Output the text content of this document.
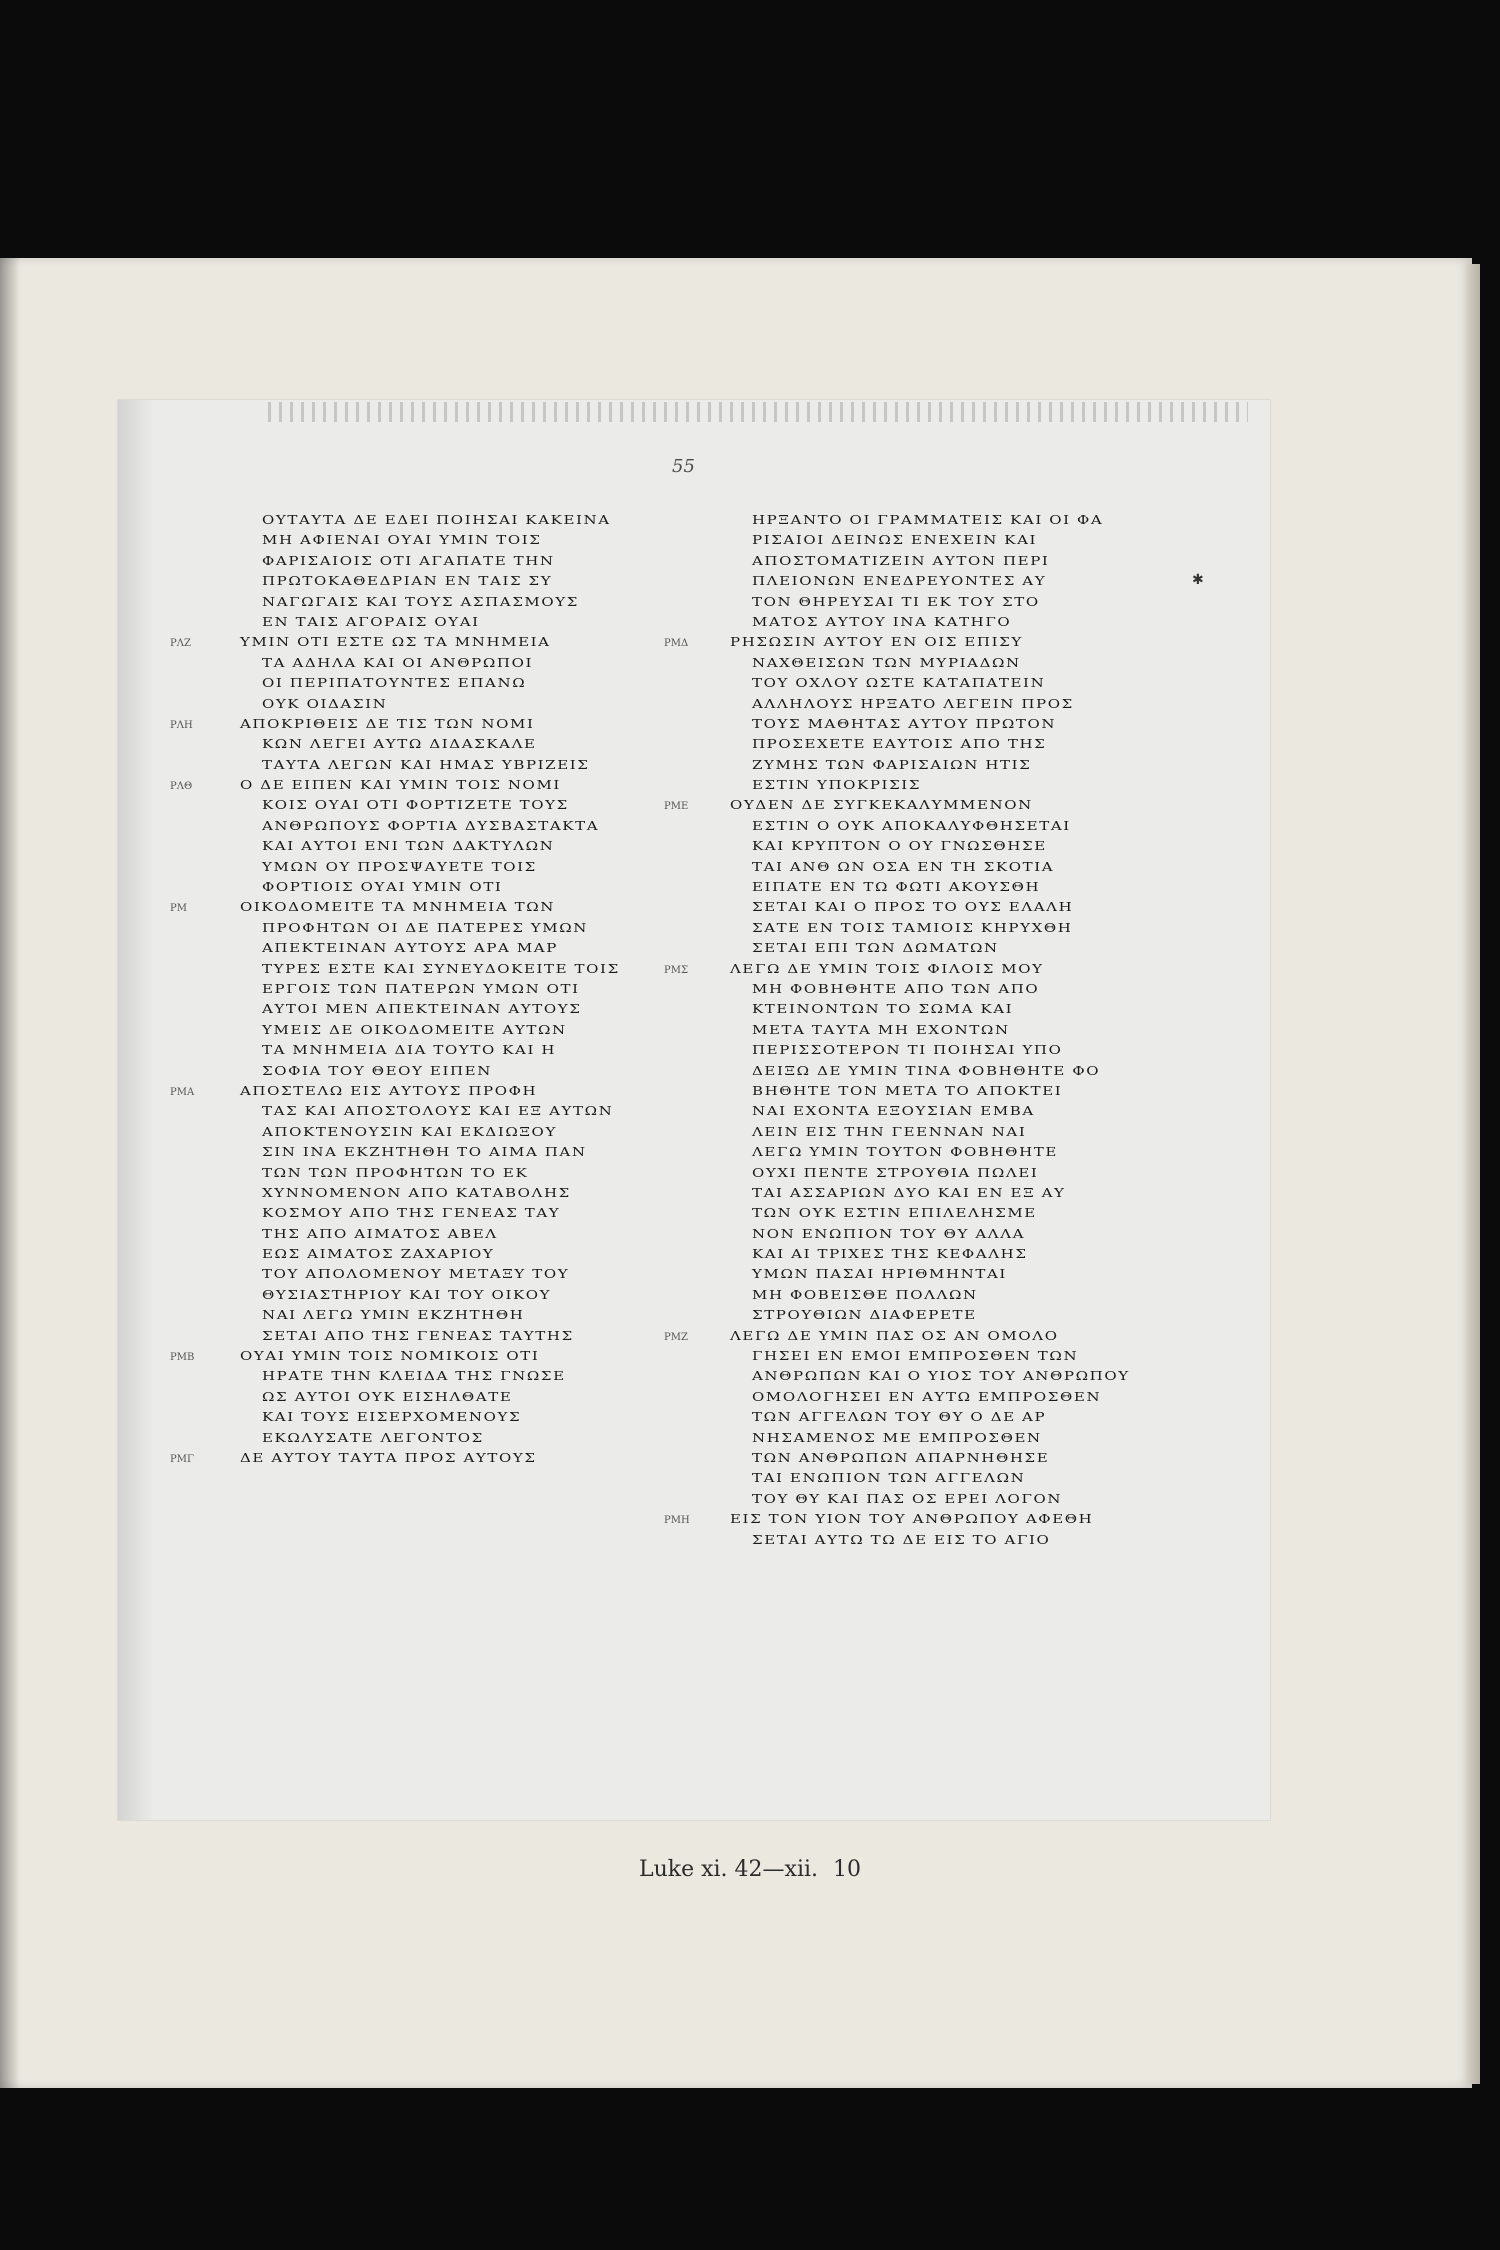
55
✱
ΟΥΤΑΥΤΑ ΔΕ ΕΔΕΙ ΠΟΙΗΣΑΙ ΚΑΚΕΙΝΑ
ΜΗ ΑΦΙΕΝΑΙ ΟΥΑΙ ΥΜΙΝ ΤΟΙΣ
ΦΑΡΙΣΑΙΟΙΣ ΟΤΙ ΑΓΑΠΑΤΕ ΤΗΝ
ΠΡΩΤΟΚΑΘΕΔΡΙΑΝ ΕΝ ΤΑΙΣ ΣΥ
ΝΑΓΩΓΑΙΣ ΚΑΙ ΤΟΥΣ ΑΣΠΑΣΜΟΥΣ
ΕΝ ΤΑΙΣ ΑΓΟΡΑΙΣ ΟΥΑΙ
ΡΛΖ	ΥΜΙΝ ΟΤΙ ΕΣΤΕ ΩΣ ΤΑ ΜΝΗΜΕΙΑ
ΤΑ ΑΔΗΛΑ ΚΑΙ ΟΙ ΑΝΘΡΩΠΟΙ
ΟΙ ΠΕΡΙΠΑΤΟΥΝΤΕΣ ΕΠΑΝΩ
ΟΥΚ ΟΙΔΑΣΙΝ
ΡΛΗ	ΑΠΟΚΡΙΘΕΙΣ ΔΕ ΤΙΣ ΤΩΝ ΝΟΜΙ
ΚΩΝ ΛΕΓΕΙ ΑΥΤΩ ΔΙΔΑΣΚΑΛΕ
ΤΑΥΤΑ ΛΕΓΩΝ ΚΑΙ ΗΜΑΣ ΥΒΡΙΖΕΙΣ
ΡΛΘ	Ο ΔΕ ΕΙΠΕΝ ΚΑΙ ΥΜΙΝ ΤΟΙΣ ΝΟΜΙ
ΚΟΙΣ ΟΥΑΙ ΟΤΙ ΦΟΡΤΙΖΕΤΕ ΤΟΥΣ
ΑΝΘΡΩΠΟΥΣ ΦΟΡΤΙΑ ΔΥΣΒΑΣΤΑΚΤΑ
ΚΑΙ ΑΥΤΟΙ ΕΝΙ ΤΩΝ ΔΑΚΤΥΛΩΝ
ΥΜΩΝ ΟΥ ΠΡΟΣΨΑΥΕΤΕ ΤΟΙΣ
ΦΟΡΤΙΟΙΣ ΟΥΑΙ ΥΜΙΝ ΟΤΙ
ΡΜ	ΟΙΚΟΔΟΜΕΙΤΕ ΤΑ ΜΝΗΜΕΙΑ ΤΩΝ
ΠΡΟΦΗΤΩΝ ΟΙ ΔΕ ΠΑΤΕΡΕΣ ΥΜΩΝ
ΑΠΕΚΤΕΙΝΑΝ ΑΥΤΟΥΣ ΑΡΑ ΜΑΡ
ΤΥΡΕΣ ΕΣΤΕ ΚΑΙ ΣΥΝΕΥΔΟΚΕΙΤΕ ΤΟΙΣ
ΕΡΓΟΙΣ ΤΩΝ ΠΑΤΕΡΩΝ ΥΜΩΝ ΟΤΙ
ΑΥΤΟΙ ΜΕΝ ΑΠΕΚΤΕΙΝΑΝ ΑΥΤΟΥΣ
ΥΜΕΙΣ ΔΕ ΟΙΚΟΔΟΜΕΙΤΕ ΑΥΤΩΝ
ΤΑ ΜΝΗΜΕΙΑ ΔΙΑ ΤΟΥΤΟ ΚΑΙ Η
ΣΟΦΙΑ ΤΟΥ ΘΕΟΥ ΕΙΠΕΝ
ΡΜΑ	ΑΠΟΣΤΕΛΩ ΕΙΣ ΑΥΤΟΥΣ ΠΡΟΦΗ
ΤΑΣ ΚΑΙ ΑΠΟΣΤΟΛΟΥΣ ΚΑΙ ΕΞ ΑΥΤΩΝ
ΑΠΟΚΤΕΝΟΥΣΙΝ ΚΑΙ ΕΚΔΙΩΞΟΥ
ΣΙΝ ΙΝΑ ΕΚΖΗΤΗΘΗ ΤΟ ΑΙΜΑ ΠΑΝ
ΤΩΝ ΤΩΝ ΠΡΟΦΗΤΩΝ ΤΟ ΕΚ
ΧΥΝΝΟΜΕΝΟΝ ΑΠΟ ΚΑΤΑΒΟΛΗΣ
ΚΟΣΜΟΥ ΑΠΟ ΤΗΣ ΓΕΝΕΑΣ ΤΑΥ
ΤΗΣ ΑΠΟ ΑΙΜΑΤΟΣ ΑΒΕΛ
ΕΩΣ ΑΙΜΑΤΟΣ ΖΑΧΑΡΙΟΥ
ΤΟΥ ΑΠΟΛΟΜΕΝΟΥ ΜΕΤΑΞΥ ΤΟΥ
ΘΥΣΙΑΣΤΗΡΙΟΥ ΚΑΙ ΤΟΥ ΟΙΚΟΥ
ΝΑΙ ΛΕΓΩ ΥΜΙΝ ΕΚΖΗΤΗΘΗ
ΣΕΤΑΙ ΑΠΟ ΤΗΣ ΓΕΝΕΑΣ ΤΑΥΤΗΣ
ΡΜΒ	ΟΥΑΙ ΥΜΙΝ ΤΟΙΣ ΝΟΜΙΚΟΙΣ ΟΤΙ
ΗΡΑΤΕ ΤΗΝ ΚΛΕΙΔΑ ΤΗΣ ΓΝΩΣΕ
ΩΣ ΑΥΤΟΙ ΟΥΚ ΕΙΣΗΛΘΑΤΕ
ΚΑΙ ΤΟΥΣ ΕΙΣΕΡΧΟΜΕΝΟΥΣ
ΕΚΩΛΥΣΑΤΕ ΛΕΓΟΝΤΟΣ
ΡΜΓ	ΔΕ ΑΥΤΟΥ ΤΑΥΤΑ ΠΡΟΣ ΑΥΤΟΥΣ
ΗΡΞΑΝΤΟ ΟΙ ΓΡΑΜΜΑΤΕΙΣ ΚΑΙ ΟΙ ΦΑ
ΡΙΣΑΙΟΙ ΔΕΙΝΩΣ ΕΝΕΧΕΙΝ ΚΑΙ
ΑΠΟΣΤΟΜΑΤΙΖΕΙΝ ΑΥΤΟΝ ΠΕΡΙ
ΠΛΕΙΟΝΩΝ ΕΝΕΔΡΕΥΟΝΤΕΣ ΑΥ
ΤΟΝ ΘΗΡΕΥΣΑΙ ΤΙ ΕΚ ΤΟΥ ΣΤΟ
ΜΑΤΟΣ ΑΥΤΟΥ ΙΝΑ ΚΑΤΗΓΟ
ΡΜΔ	ΡΗΣΩΣΙΝ ΑΥΤΟΥ ΕΝ ΟΙΣ ΕΠΙΣΥ
ΝΑΧΘΕΙΣΩΝ ΤΩΝ ΜΥΡΙΑΔΩΝ
ΤΟΥ ΟΧΛΟΥ ΩΣΤΕ ΚΑΤΑΠΑΤΕΙΝ
ΑΛΛΗΛΟΥΣ ΗΡΞΑΤΟ ΛΕΓΕΙΝ ΠΡΟΣ
ΤΟΥΣ ΜΑΘΗΤΑΣ ΑΥΤΟΥ ΠΡΩΤΟΝ
ΠΡΟΣΕΧΕΤΕ ΕΑΥΤΟΙΣ ΑΠΟ ΤΗΣ
ΖΥΜΗΣ ΤΩΝ ΦΑΡΙΣΑΙΩΝ ΗΤΙΣ
ΕΣΤΙΝ ΥΠΟΚΡΙΣΙΣ
ΡΜΕ	ΟΥΔΕΝ ΔΕ ΣΥΓΚΕΚΑΛΥΜΜΕΝΟΝ
ΕΣΤΙΝ Ο ΟΥΚ ΑΠΟΚΑΛΥΦΘΗΣΕΤΑΙ
ΚΑΙ ΚΡΥΠΤΟΝ Ο ΟΥ ΓΝΩΣΘΗΣΕ
ΤΑΙ ΑΝΘ ΩΝ ΟΣΑ ΕΝ ΤΗ ΣΚΟΤΙΑ
ΕΙΠΑΤΕ ΕΝ ΤΩ ΦΩΤΙ ΑΚΟΥΣΘΗ
ΣΕΤΑΙ ΚΑΙ Ο ΠΡΟΣ ΤΟ ΟΥΣ ΕΛΑΛΗ
ΣΑΤΕ ΕΝ ΤΟΙΣ ΤΑΜΙΟΙΣ ΚΗΡΥΧΘΗ
ΣΕΤΑΙ ΕΠΙ ΤΩΝ ΔΩΜΑΤΩΝ
ΡΜΣ	ΛΕΓΩ ΔΕ ΥΜΙΝ ΤΟΙΣ ΦΙΛΟΙΣ ΜΟΥ
ΜΗ ΦΟΒΗΘΗΤΕ ΑΠΟ ΤΩΝ ΑΠΟ
ΚΤΕΙΝΟΝΤΩΝ ΤΟ ΣΩΜΑ ΚΑΙ
ΜΕΤΑ ΤΑΥΤΑ ΜΗ ΕΧΟΝΤΩΝ
ΠΕΡΙΣΣΟΤΕΡΟΝ ΤΙ ΠΟΙΗΣΑΙ ΥΠΟ
ΔΕΙΞΩ ΔΕ ΥΜΙΝ ΤΙΝΑ ΦΟΒΗΘΗΤΕ ΦΟ
ΒΗΘΗΤΕ ΤΟΝ ΜΕΤΑ ΤΟ ΑΠΟΚΤΕΙ
ΝΑΙ ΕΧΟΝΤΑ ΕΞΟΥΣΙΑΝ ΕΜΒΑ
ΛΕΙΝ ΕΙΣ ΤΗΝ ΓΕΕΝΝΑΝ ΝΑΙ
ΛΕΓΩ ΥΜΙΝ ΤΟΥΤΟΝ ΦΟΒΗΘΗΤΕ
ΟΥΧΙ ΠΕΝΤΕ ΣΤΡΟΥΘΙΑ ΠΩΛΕΙ
ΤΑΙ ΑΣΣΑΡΙΩΝ ΔΥΟ ΚΑΙ ΕΝ ΕΞ ΑΥ
ΤΩΝ ΟΥΚ ΕΣΤΙΝ ΕΠΙΛΕΛΗΣΜΕ
ΝΟΝ ΕΝΩΠΙΟΝ ΤΟΥ ΘΥ ΑΛΛΑ
ΚΑΙ ΑΙ ΤΡΙΧΕΣ ΤΗΣ ΚΕΦΑΛΗΣ
ΥΜΩΝ ΠΑΣΑΙ ΗΡΙΘΜΗΝΤΑΙ
ΜΗ ΦΟΒΕΙΣΘΕ ΠΟΛΛΩΝ
ΣΤΡΟΥΘΙΩΝ ΔΙΑΦΕΡΕΤΕ
ΡΜΖ	ΛΕΓΩ ΔΕ ΥΜΙΝ ΠΑΣ ΟΣ ΑΝ ΟΜΟΛΟ
ΓΗΣΕΙ ΕΝ ΕΜΟΙ ΕΜΠΡΟΣΘΕΝ ΤΩΝ
ΑΝΘΡΩΠΩΝ ΚΑΙ Ο ΥΙΟΣ ΤΟΥ ΑΝΘΡΩΠΟΥ
ΟΜΟΛΟΓΗΣΕΙ ΕΝ ΑΥΤΩ ΕΜΠΡΟΣΘΕΝ
ΤΩΝ ΑΓΓΕΛΩΝ ΤΟΥ ΘΥ Ο ΔΕ ΑΡ
ΝΗΣΑΜΕΝΟΣ ΜΕ ΕΜΠΡΟΣΘΕΝ
ΤΩΝ ΑΝΘΡΩΠΩΝ ΑΠΑΡΝΗΘΗΣΕ
ΤΑΙ ΕΝΩΠΙΟΝ ΤΩΝ ΑΓΓΕΛΩΝ
ΤΟΥ ΘΥ ΚΑΙ ΠΑΣ ΟΣ ΕΡΕΙ ΛΟΓΟΝ
ΡΜΗ	ΕΙΣ ΤΟΝ ΥΙΟΝ ΤΟΥ ΑΝΘΡΩΠΟΥ ΑΦΕΘΗ
ΣΕΤΑΙ ΑΥΤΩ ΤΩ ΔΕ ΕΙΣ ΤΟ ΑΓΙΟ
Luke xi. 42—xii. 10
